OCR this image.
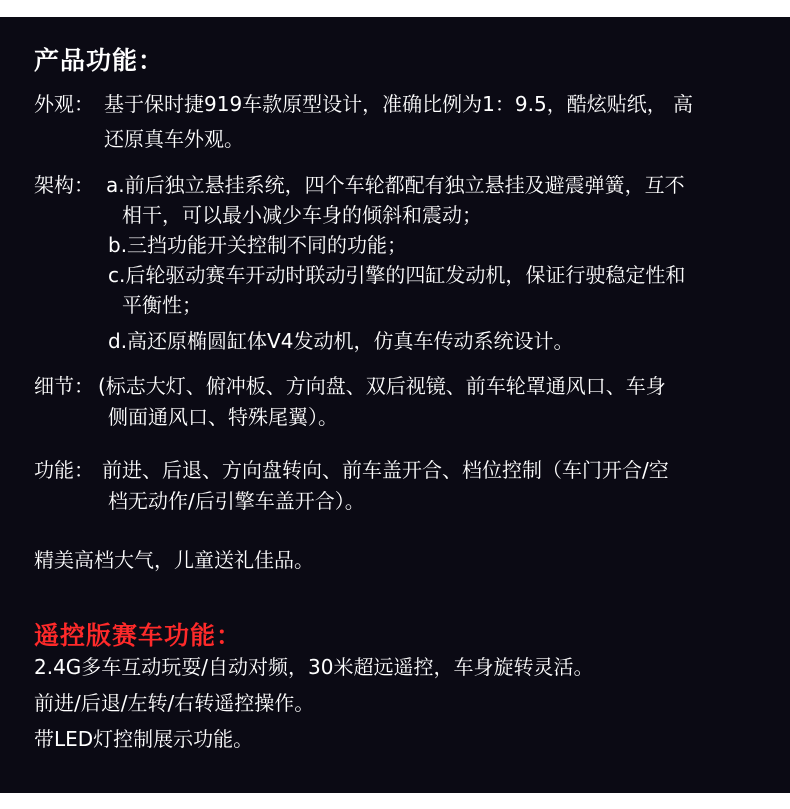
产品功能：
外观： 基于保时捷919车款原型设计，准确比例为1：9.5，酷炫贴纸， 高
还原真车外观。
架构： a.前后独立悬挂系统，四个车轮都配有独立悬挂及避震弹簧，互不
相干，可以最小减少车身的倾斜和震动；
b.三挡功能开关控制不同的功能；
c.后轮驱动赛车开动时联动引擎的四缸发动机，保证行驶稳定性和
平衡性；
d.高还原椭圆缸体V4发动机，仿真车传动系统设计。
细节： (标志大灯、俯冲板、方向盘、双后视镜、前车轮罩通风口、车身
侧面通风口、特殊尾翼）。
功能： 前进、后退、方向盘转向、前车盖开合、档位控制（车门开合/空
档无动作/后引擎车盖开合）。
精美高档大气，儿童送礼佳品。
遥控版赛车功能：
2.4G多车互动玩耍/自动对频，30米超远遥控，车身旋转灵活。
前进/后退/左转/右转遥控操作。
带LED灯控制展示功能。
